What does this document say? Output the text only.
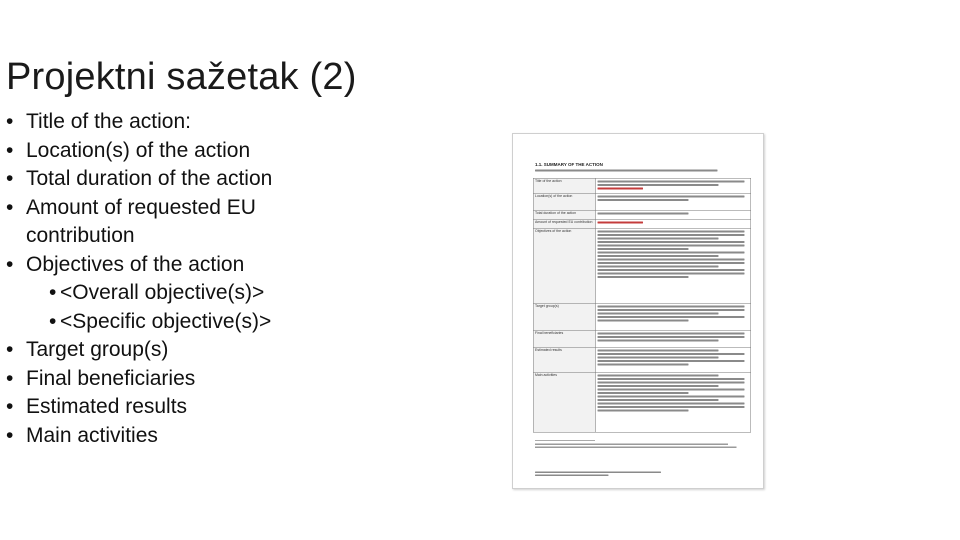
Projektni sažetak (2)
• Title of the action:
• Location(s) of the action
• Total duration of the action
• Amount of requested EU
contribution
• Objectives of the action
• <Overall objective(s)>
• <Specific objective(s)>
• Target group(s)
• Final beneficiaries
• Estimated results
• Main activities
1.1. SUMMARY OF THE ACTION
Title of the action	

Location(s) of the action	

Total duration of the action	

Amount of requested EU contribution	

Objectives of the action	

Target group(s)	

Final beneficiaries	

Estimated results	

Main activities	
